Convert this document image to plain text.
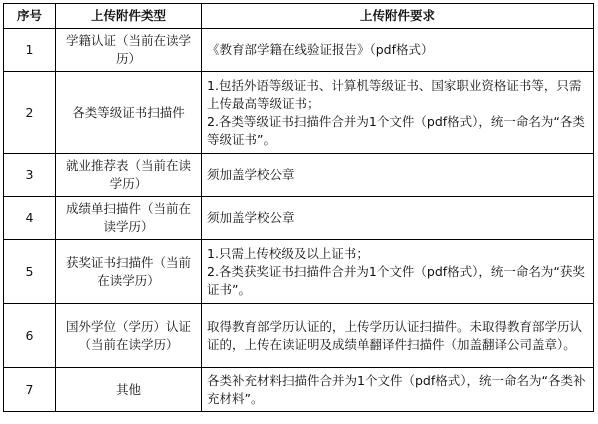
序号	上传附件类型	上传附件要求
1	学籍认证（当前在读学历）	《教育部学籍在线验证报告》（pdf格式）

2	各类等级证书扫描件	1.包括外语等级证书、计算机等级证书、国家职业资格证书等，只需上传最高等级证书；
2.各类等级证书扫描件合并为1个文件（pdf格式），统一命名为“各类等级证书”。

3	就业推荐表（当前在读学历）	须加盖学校公章

4	成绩单扫描件（当前在读学历）	须加盖学校公章

5	获奖证书扫描件（当前在读学历）	1.只需上传校级及以上证书；
2.各类获奖证书扫描件合并为1个文件（pdf格式），统一命名为“获奖证书”。

6	国外学位（学历）认证（当前在读学历）	取得教育部学历认证的，上传学历认证扫描件。未取得教育部学历认证的，上传在读证明及成绩单翻译件扫描件（加盖翻译公司盖章）。

7	其他	各类补充材料扫描件合并为1个文件（pdf格式），统一命名为“各类补充材料”。
